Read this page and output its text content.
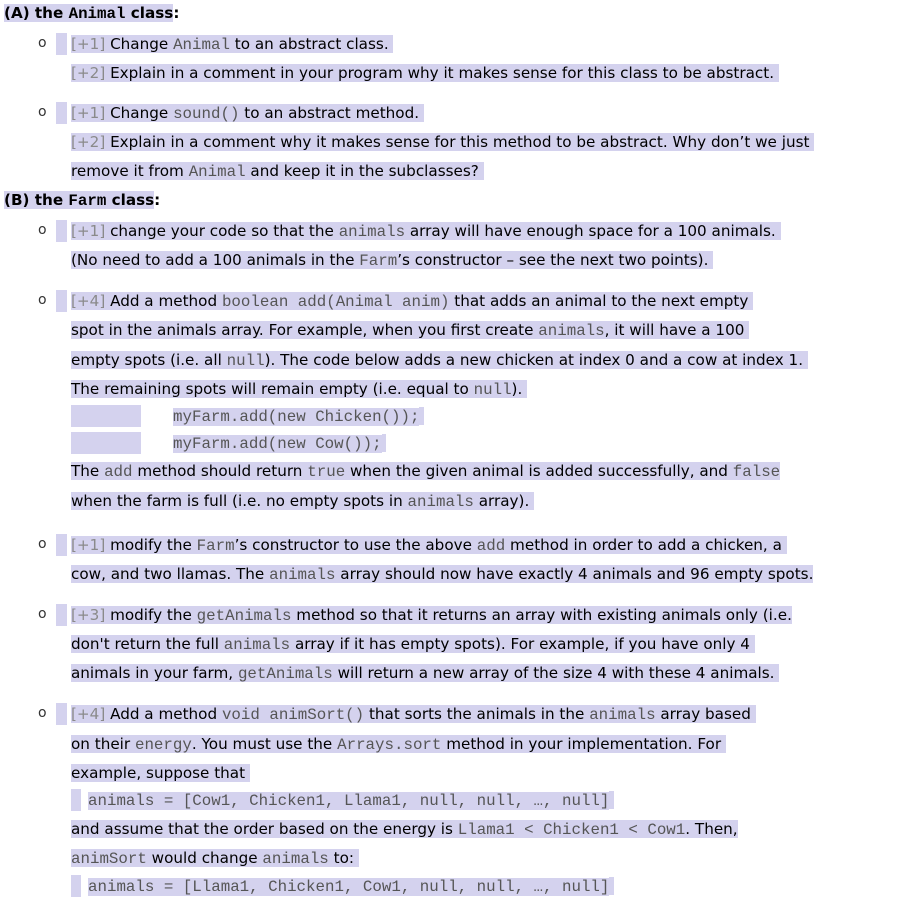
(A) the Animal class:
o [+1] Change Animal to an abstract class.
[+2] Explain in a comment in your program why it makes sense for this class to be abstract.
o [+1] Change sound() to an abstract method.
[+2] Explain in a comment why it makes sense for this method to be abstract. Why don’t we just
remove it from Animal and keep it in the subclasses?
(B) the Farm class:
o [+1] change your code so that the animals array will have enough space for a 100 animals.
(No need to add a 100 animals in the Farm’s constructor – see the next two points).
o [+4] Add a method boolean add(Animal anim) that adds an animal to the next empty
spot in the animals array. For example, when you first create animals, it will have a 100
empty spots (i.e. all null). The code below adds a new chicken at index 0 and a cow at index 1.
The remaining spots will remain empty (i.e. equal to null).
myFarm.add(new Chicken());
myFarm.add(new Cow());
The add method should return true when the given animal is added successfully, and false
when the farm is full (i.e. no empty spots in animals array).
o [+1] modify the Farm’s constructor to use the above add method in order to add a chicken, a
cow, and two llamas. The animals array should now have exactly 4 animals and 96 empty spots.
o [+3] modify the getAnimals method so that it returns an array with existing animals only (i.e.
don't return the full animals array if it has empty spots). For example, if you have only 4
animals in your farm, getAnimals will return a new array of the size 4 with these 4 animals.
o [+4] Add a method void animSort() that sorts the animals in the animals array based
on their energy. You must use the Arrays.sort method in your implementation. For
example, suppose that
animals = [Cow1, Chicken1, Llama1, null, null, …, null]
and assume that the order based on the energy is Llama1 < Chicken1 < Cow1. Then,
animSort would change animals to:
animals = [Llama1, Chicken1, Cow1, null, null, …, null]
